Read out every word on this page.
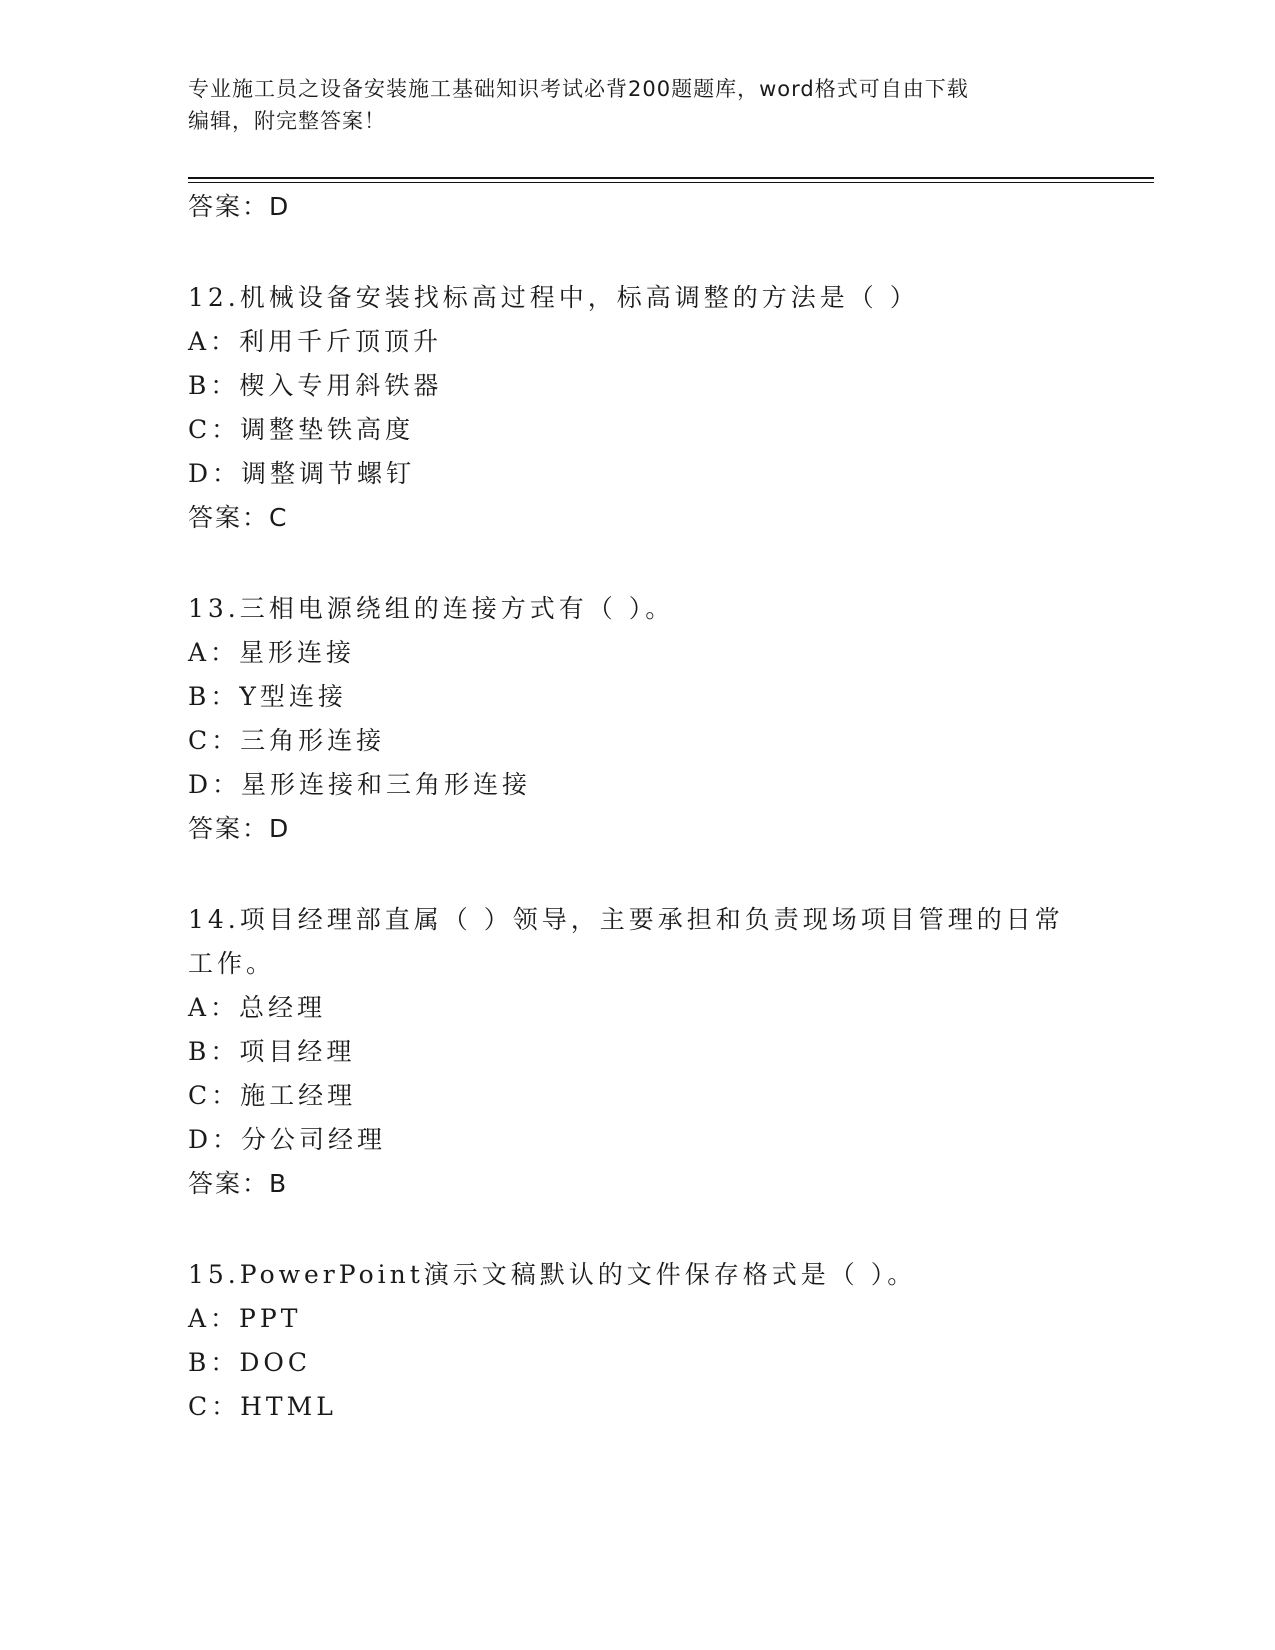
专业施工员之设备安装施工基础知识考试必背200题题库，word格式可自由下载
编辑，附完整答案！
答案：D
12.机械设备安装找标高过程中，标高调整的方法是（ ）
A：利用千斤顶顶升
B：楔入专用斜铁器
C：调整垫铁高度
D：调整调节螺钉
答案：C
13.三相电源绕组的连接方式有（ ）。
A：星形连接
B：Y型连接
C：三角形连接
D：星形连接和三角形连接
答案：D
14.项目经理部直属（ ）领导，主要承担和负责现场项目管理的日常
工作。
A：总经理
B：项目经理
C：施工经理
D：分公司经理
答案：B
15.PowerPoint演示文稿默认的文件保存格式是（ ）。
A：PPT
B：DOC
C：HTML
